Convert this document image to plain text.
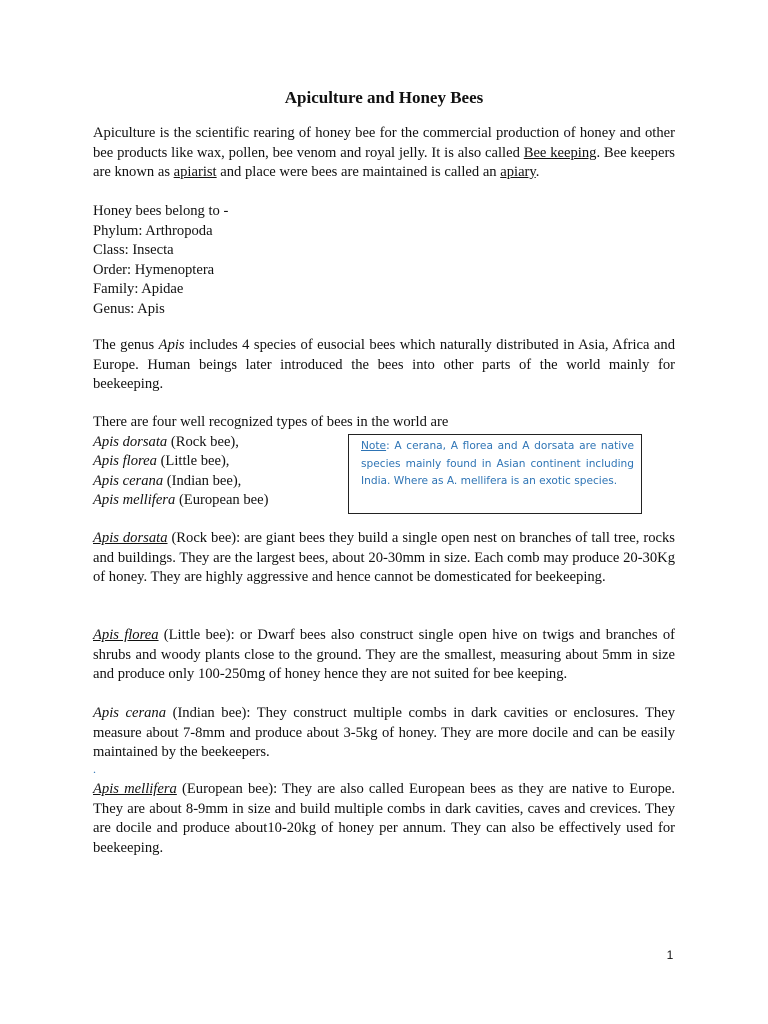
Apiculture and Honey Bees

Apiculture is the scientific rearing of honey bee for the commercial production of honey and other bee products like wax, pollen, bee venom and royal jelly. It is also called Bee keeping. Bee keepers are known as apiarist and place were bees are maintained is called an apiary.

Honey bees belong to -
Phylum: Arthropoda
Class: Insecta
Order: Hymenoptera
Family: Apidae
Genus: Apis

The genus Apis includes 4 species of eusocial bees which naturally distributed in Asia, Africa and Europe. Human beings later introduced the bees into other parts of the world mainly for beekeeping.

There are four well recognized types of bees in the world are
Apis dorsata (Rock bee),
Apis florea (Little bee),
Apis cerana (Indian bee),
Apis mellifera (European bee)
Note: A cerana, A florea and A dorsata are native species mainly found in Asian continent including India. Where as A. mellifera is an exotic species.

Apis dorsata (Rock bee): are giant bees they build a single open nest on branches of tall tree, rocks and buildings. They are the largest bees, about 20-30mm in size. Each comb may produce 20-30Kg of honey. They are highly aggressive and hence cannot be domesticated for beekeeping.

Apis florea (Little bee): or Dwarf bees also construct single open hive on twigs and branches of shrubs and woody plants close to the ground. They are the smallest, measuring about 5mm in size and produce only 100-250mg of honey hence they are not suited for bee keeping.

Apis cerana (Indian bee): They construct multiple combs in dark cavities or enclosures. They measure about 7-8mm and produce about 3-5kg of honey. They are more docile and can be easily maintained by the beekeepers.

.

Apis mellifera (European bee): They are also called European bees as they are native to Europe. They are about 8-9mm in size and build multiple combs in dark cavities, caves and crevices. They are docile and produce about10-20kg of honey per annum. They can also be effectively used for beekeeping.

1
